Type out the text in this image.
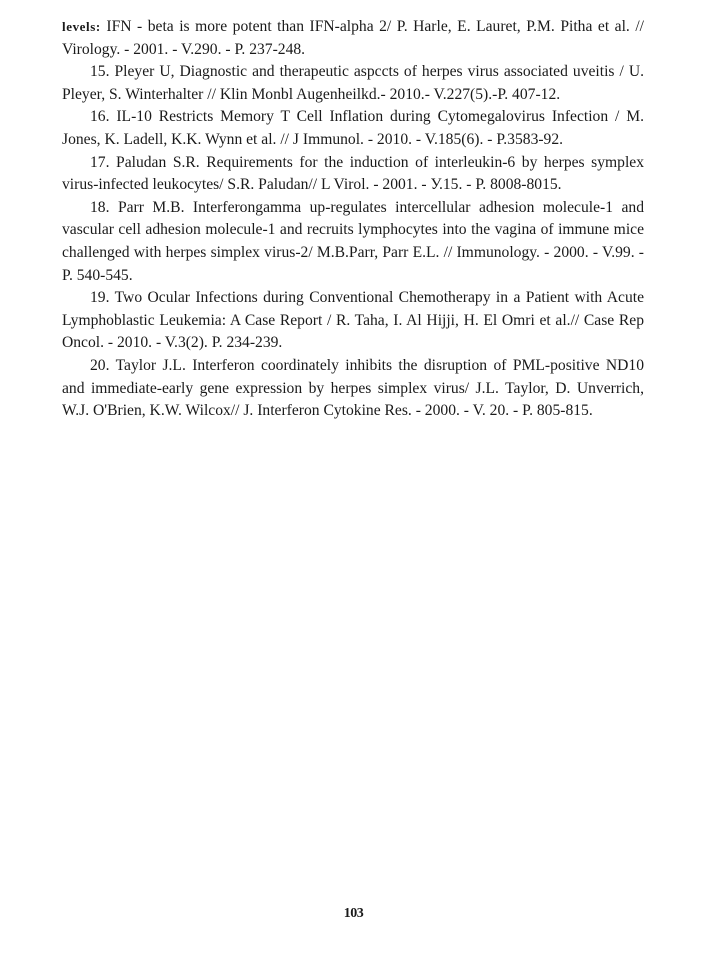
levels: IFN - beta is more potent than IFN-alpha 2/ P. Harle, E. Lauret, P.M. Pitha et al. // Virology. - 2001. - V.290. - P. 237-248.

15. Pleyer U, Diagnostic and therapeutic aspccts of herpes virus associated uveitis / U. Pleyer, S. Winterhalter // Klin Monbl Augenheilkd.- 2010.- V.227(5).-P. 407-12.

16. IL-10 Restricts Memory T Cell Inflation during Cytomegalovirus Infection / M. Jones, K. Ladell, K.K. Wynn et al. // J Immunol. - 2010. - V.185(6). - P.3583-92.

17. Paludan S.R. Requirements for the induction of interleukin-6 by herpes symplex virus-infected leukocytes/ S.R. Paludan// L Virol. - 2001. - У.15. - P. 8008-8015.

18. Parr M.B. Interferongamma up-regulates intercellular adhesion molecule-1 and vascular cell adhesion molecule-1 and recruits lymphocytes into the vagina of immune mice challenged with herpes simplex virus-2/ M.B.Parr, Parr E.L. // Immunology. - 2000. - V.99. - P. 540-545.

19. Two Ocular Infections during Conventional Chemotherapy in a Patient with Acute Lymphoblastic Leukemia: A Case Report / R. Taha, I. Al Hijji, H. El Omri et al.// Case Rep Oncol. - 2010. - V.3(2). P. 234-239.

20. Taylor J.L. Interferon coordinately inhibits the disruption of PML-positive ND10 and immediate-early gene expression by herpes simplex virus/ J.L. Taylor, D. Unverrich, W.J. O'Brien, K.W. Wilcox// J. Interferon Cytokine Res. - 2000. - V. 20. - P. 805-815.

103
